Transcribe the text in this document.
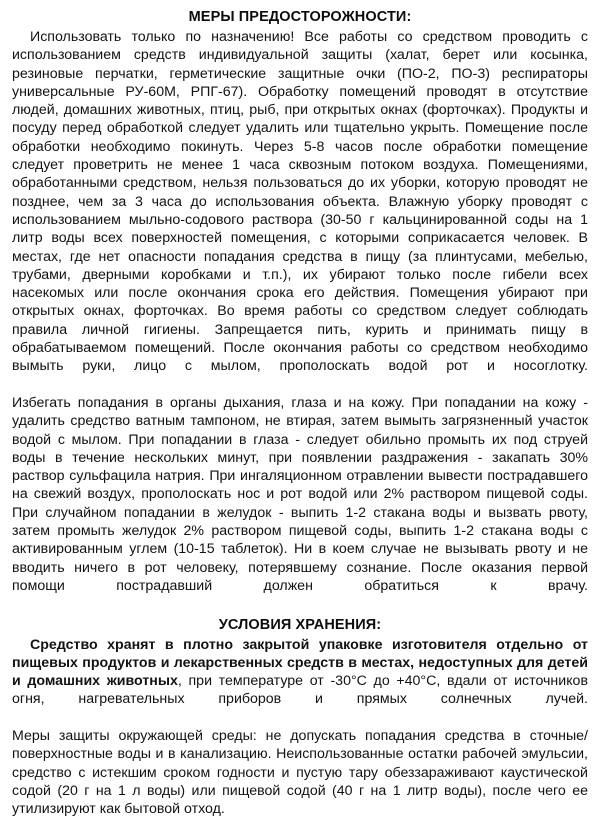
МЕРЫ ПРЕДОСТОРОЖНОСТИ:

Использовать только по назначению! Все работы со средством проводить с использованием средств индивидуальной защиты (халат, берет или косынка, резиновые перчатки, герметические защитные очки (ПО-2, ПО-3) респираторы универсальные РУ-60М, РПГ-67). Обработку помещений проводят в отсутствие людей, домашних животных, птиц, рыб, при открытых окнах (форточках). Продукты и посуду перед обработкой следует удалить или тщательно укрыть. Помещение после обработки необходимо покинуть. Через 5-8 часов после обработки помещение следует проветрить не менее 1 часа сквозным потоком воздуха. Помещениями, обработанными средством, нельзя пользоваться до их уборки, которую проводят не позднее, чем за 3 часа до использования объекта. Влажную уборку проводят с использованием мыльно-содового раствора (30-50 г кальцинированной соды на 1 литр воды всех поверхностей помещения, с которыми соприкасается человек. В местах, где нет опасности попадания средства в пищу (за плинтусами, мебелью, трубами, дверными коробками и т.п.), их убирают только после гибели всех насекомых или после окончания срока его действия. Помещения убирают при открытых окнах, форточках. Во время работы со средством следует соблюдать правила личной гигиены. Запрещается пить, курить и принимать пищу в обрабатываемом помещений. После окончания работы со средством необходимо вымыть руки, лицо с мылом, прополоскать водой рот и носоглотку.

Избегать попадания в органы дыхания, глаза и на кожу. При попадании на кожу - удалить средство ватным тампоном, не втирая, затем вымыть загрязненный участок водой с мылом. При попадании в глаза - следует обильно промыть их под струей воды в течение нескольких минут, при появлении раздражения - закапать 30% раствор сульфацила натрия. При ингаляционном отравлении вывести пострадавшего на свежий воздух, прополоскать нос и рот водой или 2% раствором пищевой соды. При случайном попадании в желудок - выпить 1-2 стакана воды и вызвать рвоту, затем промыть желудок 2% раствором пищевой соды, выпить 1-2 стакана воды с активированным углем (10-15 таблеток). Ни в коем случае не вызывать рвоту и не вводить ничего в рот человеку, потерявшему сознание. После оказания первой помощи пострадавший должен обратиться к врачу.

УСЛОВИЯ ХРАНЕНИЯ:

Средство хранят в плотно закрытой упаковке изготовителя отдельно от пищевых продуктов и лекарственных средств в местах, недоступных для детей и домашних животных, при температуре от -30°C до +40°C, вдали от источников огня, нагревательных приборов и прямых солнечных лучей.

Меры защиты окружающей среды: не допускать попадания средства в сточные/поверхностные воды и в канализацию. Неиспользованные остатки рабочей эмульсии, средство с истекшим сроком годности и пустую тару обеззараживают каустической содой (20 г на 1 л воды) или пищевой содой (40 г на 1 литр воды), после чего ее утилизируют как бытовой отход.
